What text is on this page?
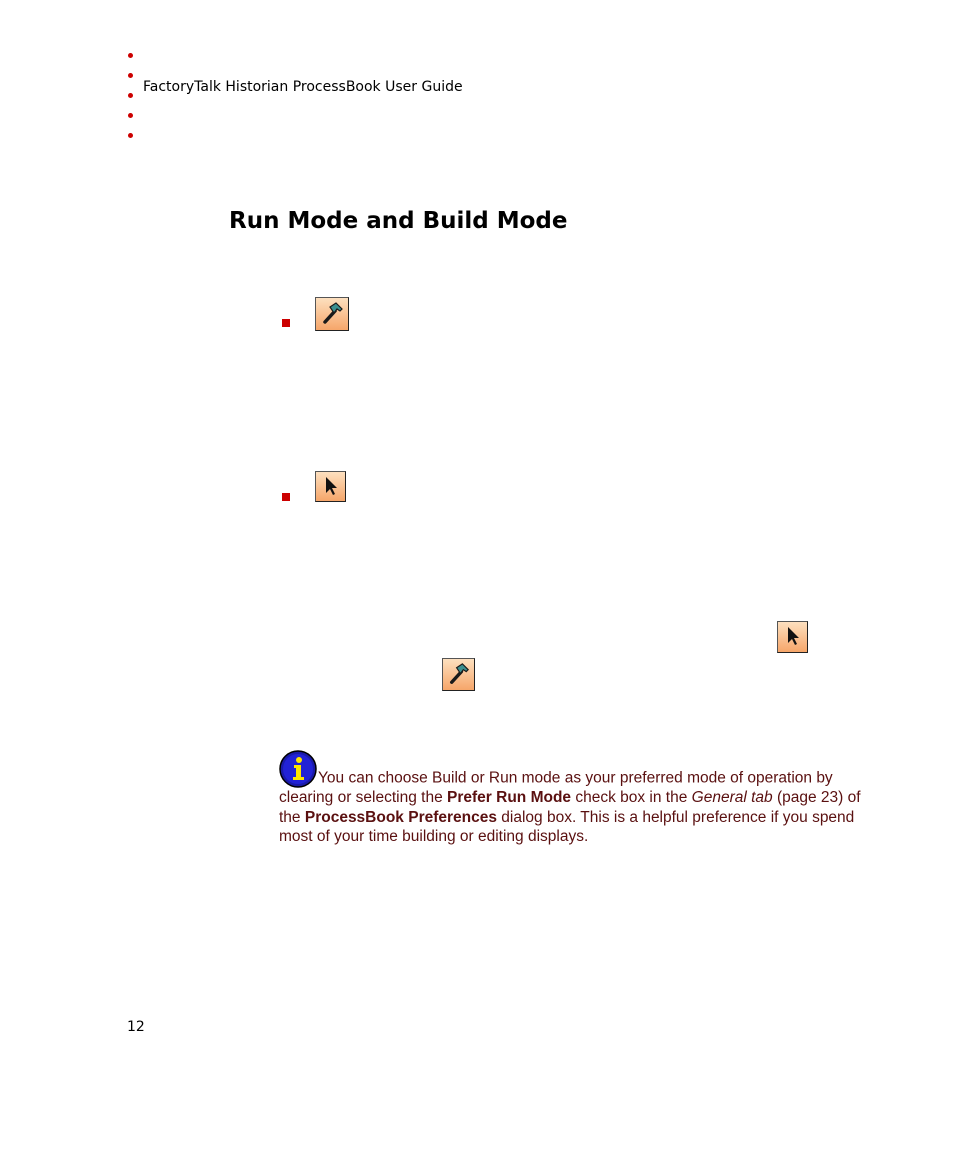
FactoryTalk Historian ProcessBook User Guide
Run Mode and Build Mode
You can choose Build or Run mode as your preferred mode of operation by clearing or selecting the Prefer Run Mode check box in the General tab (page 23) of the ProcessBook Preferences dialog box. This is a helpful preference if you spend most of your time building or editing displays.
12
